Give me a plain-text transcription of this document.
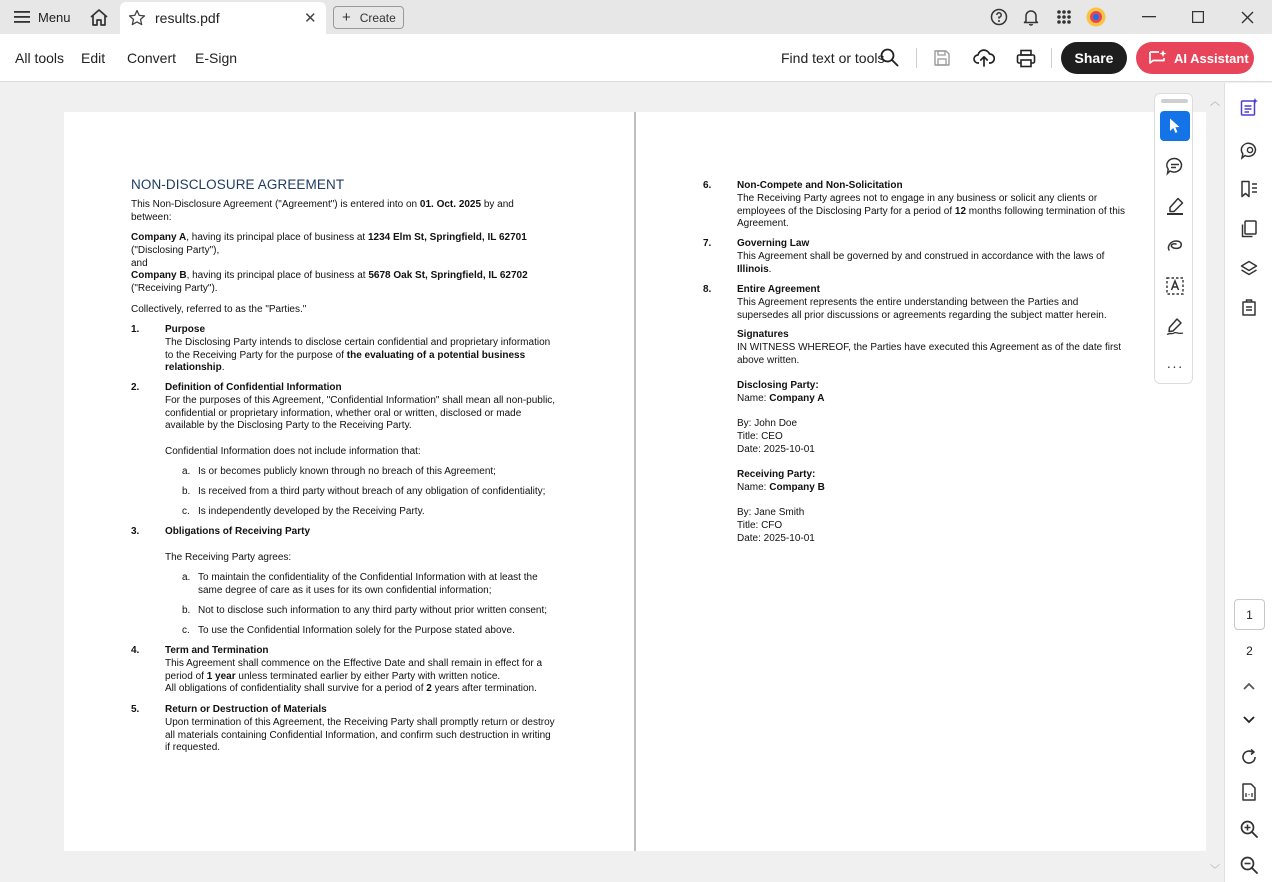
Menu	results.pdf	✕ + Create
All tools Edit Convert E-Sign	Find text or tools	Share	AI Assistant
NON-DISCLOSURE AGREEMENT
This Non-Disclosure Agreement ("Agreement") is entered into on 01. Oct. 2025 by and
between:
Company A, having its principal place of business at 1234 Elm St, Springfield, IL 62701
("Disclosing Party"),
and
Company B, having its principal place of business at 5678 Oak St, Springfield, IL 62702
("Receiving Party").
Collectively, referred to as the "Parties."
1.	Purpose
The Disclosing Party intends to disclose certain confidential and proprietary information
to the Receiving Party for the purpose of the evaluating of a potential business
relationship.
2.	Definition of Confidential Information
For the purposes of this Agreement, "Confidential Information" shall mean all non-public,
confidential or proprietary information, whether oral or written, disclosed or made
available by the Disclosing Party to the Receiving Party.
Confidential Information does not include information that:
a. Is or becomes publicly known through no breach of this Agreement;
b. Is received from a third party without breach of any obligation of confidentiality;
c. Is independently developed by the Receiving Party.
3.	Obligations of Receiving Party
The Receiving Party agrees:
a. To maintain the confidentiality of the Confidential Information with at least the
same degree of care as it uses for its own confidential information;
b. Not to disclose such information to any third party without prior written consent;
c. To use the Confidential Information solely for the Purpose stated above.
4.	Term and Termination
This Agreement shall commence on the Effective Date and shall remain in effect for a
period of 1 year unless terminated earlier by either Party with written notice.
All obligations of confidentiality shall survive for a period of 2 years after termination.
5.	Return or Destruction of Materials
Upon termination of this Agreement, the Receiving Party shall promptly return or destroy
all materials containing Confidential Information, and confirm such destruction in writing
if requested.
6.	Non-Compete and Non-Solicitation
The Receiving Party agrees not to engage in any business or solicit any clients or
employees of the Disclosing Party for a period of 12 months following termination of this
Agreement.
7.	Governing Law
This Agreement shall be governed by and construed in accordance with the laws of
Illinois.
8.	Entire Agreement
This Agreement represents the entire understanding between the Parties and
supersedes all prior discussions or agreements regarding the subject matter herein.
Signatures
IN WITNESS WHEREOF, the Parties have executed this Agreement as of the date first
above written.
Disclosing Party:
Name: Company A

By: John Doe
Title: CEO
Date: 2025-10-01
Receiving Party:
Name: Company B

By: Jane Smith
Title: CFO
Date: 2025-10-01
···
︿
﹀
1
2
